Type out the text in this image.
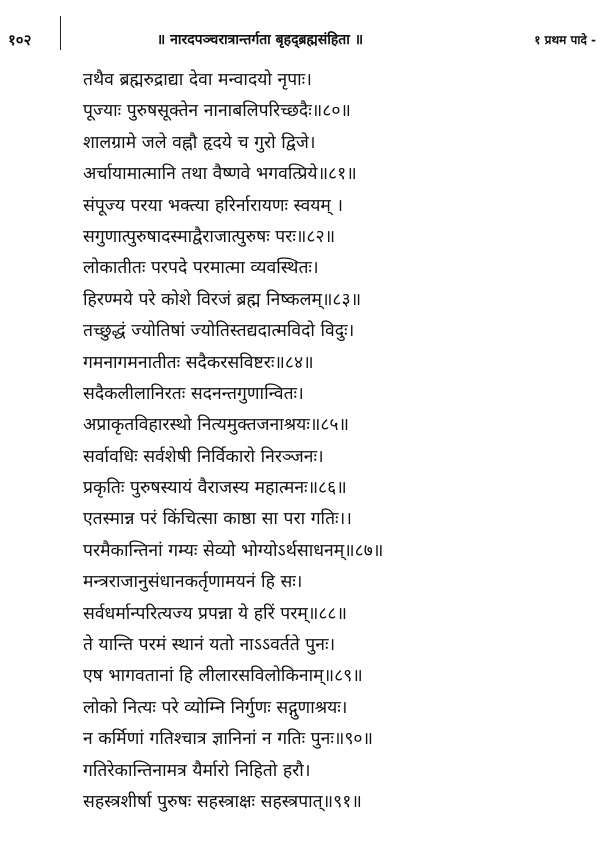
१०२	॥ नारदपञ्चरात्रान्तर्गता बृहद्ब्रह्मसंहिता ॥	१ प्रथम पादे -
तथैव ब्रह्मरुद्राद्या देवा मन्वादयो नृपाः।
पूज्याः पुरुषसूक्तेन नानाबलिपरिच्छदैः॥८०॥
शालग्रामे जले वह्नौ हृदये च गुरो द्विजे।
अर्चायामात्मानि तथा वैष्णवे भगवत्प्रिये॥८१॥
संपूज्य परया भक्त्या हरिर्नारायणः स्वयम् ।
सगुणात्पुरुषादस्माद्वैराजात्पुरुषः परः॥८२॥
लोकातीतः परपदे परमात्मा व्यवस्थितः।
हिरण्मये परे कोशे विरजं ब्रह्म निष्कलम्॥८३॥
तच्छुद्धं ज्योतिषां ज्योतिस्तद्यदात्मविदो विदुः।
गमनागमनातीतः सदैकरसविष्टरः॥८४॥
सदैकलीलानिरतः सदनन्तगुणान्वितः।
अप्राकृतविहारस्थो नित्यमुक्तजनाश्रयः॥८५॥
सर्वावधिः सर्वशेषी निर्विकारो निरञ्जनः।
प्रकृतिः पुरुषस्यायं वैराजस्य महात्मनः॥८६॥
एतस्मान्न परं किंचित्सा काष्ठा सा परा गतिः।।
परमैकान्तिनां गम्यः सेव्यो भोग्योऽर्थसाधनम्॥८७॥
मन्त्रराजानुसंधानकर्तृणामयनं हि सः।
सर्वधर्मान्परित्यज्य प्रपन्ना ये हरिं परम्॥८८॥
ते यान्ति परमं स्थानं यतो नाऽऽवर्तते पुनः।
एष भागवतानां हि लीलारसविलोकिनाम्॥८९॥
लोको नित्यः परे व्योम्नि निर्गुणः सद्गुणाश्रयः।
न कर्मिणां गतिश्चात्र ज्ञानिनां न गतिः पुनः॥९०॥
गतिरेकान्तिनामत्र यैर्मारो निहितो हरौ।
सहस्त्रशीर्षा पुरुषः सहस्त्राक्षः सहस्त्रपात्॥९१॥
